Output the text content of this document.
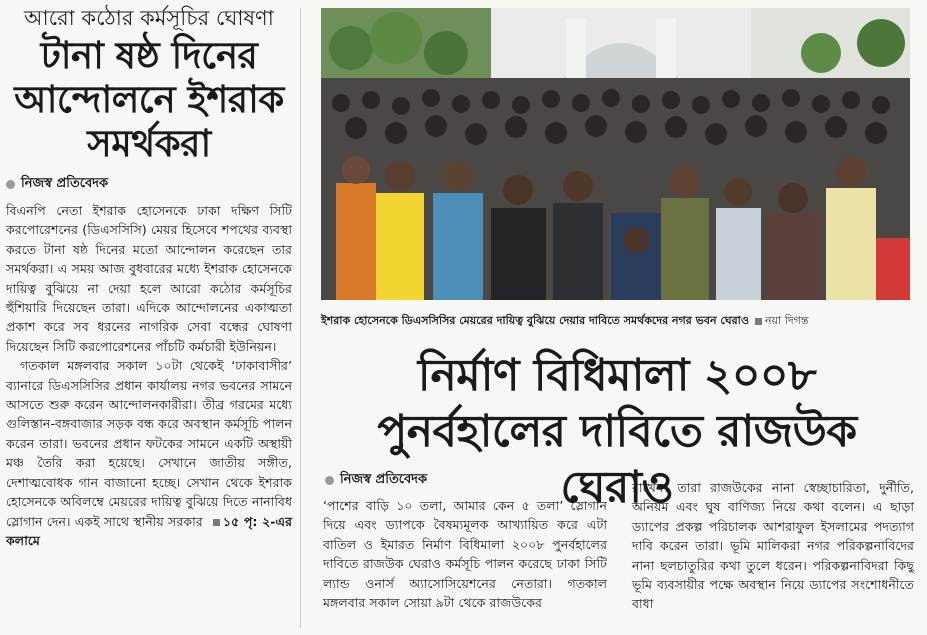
আরো কঠোর কর্মসূচির ঘোষণা

টানা ষষ্ঠ দিনের আন্দোলনে ইশরাক সমর্থকরা
নিজস্ব প্রতিবেদক

বিএনপি নেতা ইশরাক হোসেনকে ঢাকা দক্ষিণ সিটি করপোরেশনের (ডিএসসিসি) মেয়র হিসেবে শপথের ব্যবস্থা করতে টানা ষষ্ঠ দিনের মতো আন্দোলন করেছেন তার সমর্থকরা। এ সময় আজ বুধবারের মধ্যে ইশরাক হোসেনকে দায়িত্ব বুঝিয়ে না দেয়া হলে আরো কঠোর কর্মসূচির হুঁশিয়ারি দিয়েছেন তারা। এদিকে আন্দোলনের একাত্মতা প্রকাশ করে সব ধরনের নাগরিক সেবা বন্ধের ঘোষণা দিয়েছেন সিটি করপোরেশনের পাঁচটি কর্মচারী ইউনিয়ন।

গতকাল মঙ্গলবার সকাল ১০টা থেকেই ‘ঢাকাবাসীর’ ব্যানারে ডিএসসিসির প্রধান কার্যালয় নগর ভবনের সামনে আসতে শুরু করেন আন্দোলনকারীরা। তীব্র গরমের মধ্যে গুলিস্তান-বঙ্গবাজার সড়ক বন্ধ করে অবস্থান কর্মসূচি পালন করেন তারা। ভবনের প্রধান ফটকের সামনে একটি অস্থায়ী মঞ্চ তৈরি করা হয়েছে। সেখানে জাতীয় সঙ্গীত, দেশাত্মবোধক গান বাজানো হচ্ছে। সেখান থেকে ইশরাক হোসেনকে অবিলম্বে মেয়রের দায়িত্ব বুঝিয়ে দিতে নানাবিধ স্লোগান দেন। একই সাথে স্থানীয় সরকার ১৫ পৃ: ২-এর কলামে

ইশরাক হোসেনকে ডিএসসিসির মেয়রের দায়িত্ব বুঝিয়ে দেয়ার দাবিতে সমর্থকদের নগর ভবন ঘেরাও নয়া দিগন্ত
নির্মাণ বিধিমালা ২০০৮ পুনর্বহালের দাবিতে রাজউক ঘেরাও
নিজস্ব প্রতিবেদক

‘পাশের বাড়ি ১০ তলা, আমার কেন ৫ তলা’ স্লোগান দিয়ে এবং ড্যাপকে বৈষম্যমূলক আখ্যায়িত করে এটা বাতিল ও ইমারত নির্মাণ বিধিমালা ২০০৮ পুনর্বহালের দাবিতে রাজউক ঘেরাও কর্মসূচি পালন করেছে ঢাকা সিটি ল্যান্ড ওনার্স অ্যাসোসিয়েশনের নেতারা। গতকাল মঙ্গলবার সকাল সোয়া ৯টা থেকে রাজউকের

রাখেন। তারা রাজউকের নানা স্বেচ্ছাচারিতা, দুর্নীতি, অনিয়ম এবং ঘুষ বাণিজ্য নিয়ে কথা বলেন। এ ছাড়া ড্যাপের প্রকল্প পরিচালক আশরাফুল ইসলামের পদত্যাগ দাবি করেন তারা। ভূমি মালিকরা নগর পরিকল্পনাবিদের নানা ছলচাতুরির কথা তুলে ধরেন। পরিকল্পনাবিদরা কিছু ভূমি ব্যবসায়ীর পক্ষে অবস্থান নিয়ে ড্যাপের সংশোধনীতে বাধা
